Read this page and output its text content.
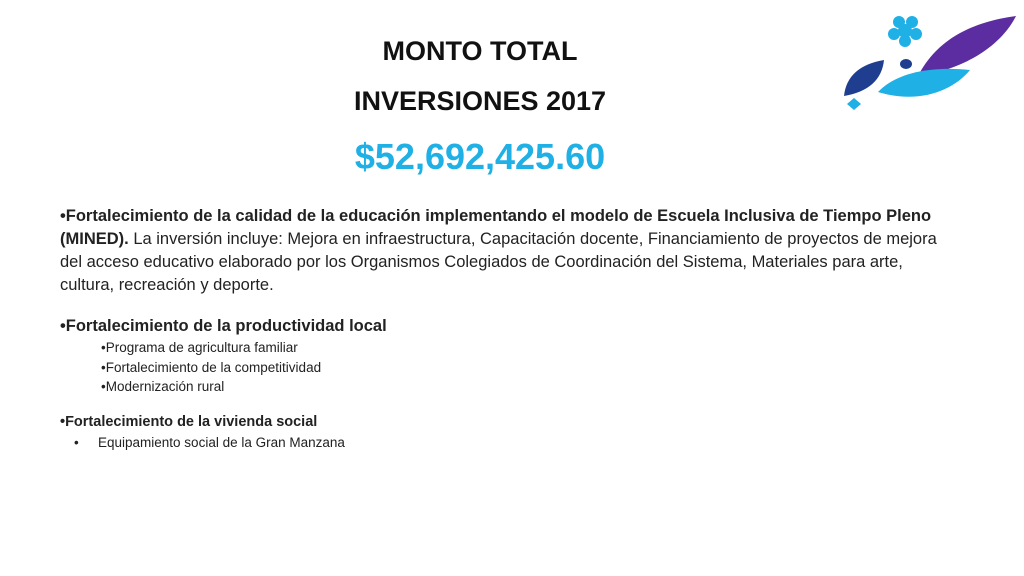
MONTO TOTAL
INVERSIONES 2017
$52,692,425.60
•Fortalecimiento de la calidad de la educación implementando el modelo de Escuela Inclusiva de Tiempo Pleno (MINED). La inversión incluye: Mejora en infraestructura, Capacitación docente, Financiamiento de proyectos de mejora del acceso educativo elaborado por los Organismos Colegiados de Coordinación del Sistema, Materiales para arte, cultura, recreación y deporte.
•Fortalecimiento de la productividad local
•Programa de agricultura familiar
•Fortalecimiento de la competitividad
•Modernización rural
•Fortalecimiento de la vivienda social
• Equipamiento social de la Gran Manzana
